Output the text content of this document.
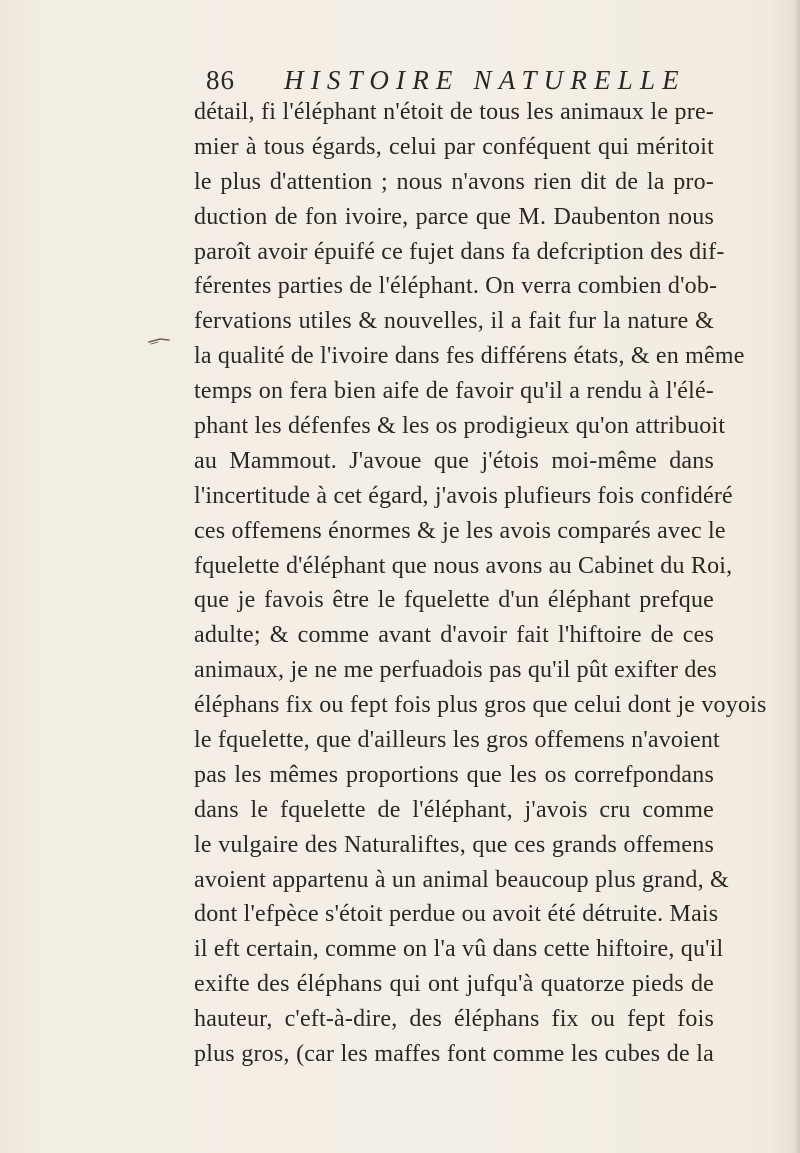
86 HISTOIRE NATURELLE
détail, fi l'éléphant n'étoit de tous les animaux le pre-
mier à tous égards, celui par conféquent qui méritoit
le plus d'attention ; nous n'avons rien dit de la pro-
duction de fon ivoire, parce que M. Daubenton nous
paroît avoir épuifé ce fujet dans fa defcription des dif-
férentes parties de l'éléphant. On verra combien d'ob-
fervations utiles & nouvelles, il a fait fur la nature &
la qualité de l'ivoire dans fes différens états, & en même
temps on fera bien aife de favoir qu'il a rendu à l'élé-
phant les défenfes & les os prodigieux qu'on attribuoit
au Mammout. J'avoue que j'étois moi-même dans
l'incertitude à cet égard, j'avois plufieurs fois confidéré
ces offemens énormes & je les avois comparés avec le
fquelette d'éléphant que nous avons au Cabinet du Roi,
que je favois être le fquelette d'un éléphant prefque
adulte; & comme avant d'avoir fait l'hiftoire de ces
animaux, je ne me perfuadois pas qu'il pût exifter des
éléphans fix ou fept fois plus gros que celui dont je voyois
le fquelette, que d'ailleurs les gros offemens n'avoient
pas les mêmes proportions que les os correfpondans
dans le fquelette de l'éléphant, j'avois cru comme
le vulgaire des Naturaliftes, que ces grands offemens
avoient appartenu à un animal beaucoup plus grand, &
dont l'efpèce s'étoit perdue ou avoit été détruite. Mais
il eft certain, comme on l'a vû dans cette hiftoire, qu'il
exifte des éléphans qui ont jufqu'à quatorze pieds de
hauteur, c'eft-à-dire, des éléphans fix ou fept fois
plus gros, (car les maffes font comme les cubes de la
